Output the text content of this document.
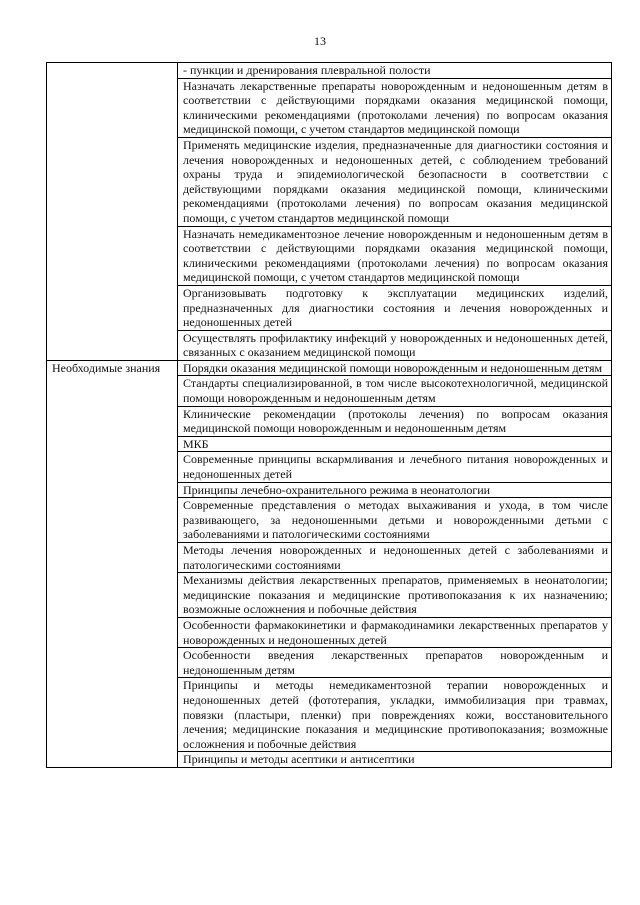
13
	- пункции и дренирования плевральной полости
	Назначать лекарственные препараты новорожденным и недоношенным детям в соответствии с действующими порядками оказания медицинской помощи, клиническими рекомендациями (протоколами лечения) по вопросам оказания медицинской помощи, с учетом стандартов медицинской помощи
	Применять медицинские изделия, предназначенные для диагностики состояния и лечения новорожденных и недоношенных детей, с соблюдением требований охраны труда и эпидемиологической безопасности в соответствии с действующими порядками оказания медицинской помощи, клиническими рекомендациями (протоколами лечения) по вопросам оказания медицинской помощи, с учетом стандартов медицинской помощи
	Назначать немедикаментозное лечение новорожденным и недоношенным детям в соответствии с действующими порядками оказания медицинской помощи, клиническими рекомендациями (протоколами лечения) по вопросам оказания медицинской помощи, с учетом стандартов медицинской помощи
	Организовывать подготовку к эксплуатации медицинских изделий, предназначенных для диагностики состояния и лечения новорожденных и недоношенных детей
	Осуществлять профилактику инфекций у новорожденных и недоношенных детей, связанных с оказанием медицинской помощи
Необходимые знания	Порядки оказания медицинской помощи новорожденным и недоношенным детям
	Стандарты специализированной, в том числе высокотехнологичной, медицинской помощи новорожденным и недоношенным детям
	Клинические рекомендации (протоколы лечения) по вопросам оказания медицинской помощи новорожденным и недоношенным детям
	МКБ
	Современные принципы вскармливания и лечебного питания новорожденных и недоношенных детей
	Принципы лечебно-охранительного режима в неонатологии
	Современные представления о методах выхаживания и ухода, в том числе развивающего, за недоношенными детьми и новорожденными детьми с заболеваниями и патологическими состояниями
	Методы лечения новорожденных и недоношенных детей с заболеваниями и патологическими состояниями
	Механизмы действия лекарственных препаратов, применяемых в неонатологии; медицинские показания и медицинские противопоказания к их назначению; возможные осложнения и побочные действия
	Особенности фармакокинетики и фармакодинамики лекарственных препаратов у новорожденных и недоношенных детей
	Особенности введения лекарственных препаратов новорожденным и недоношенным детям
	Принципы и методы немедикаментозной терапии новорожденных и недоношенных детей (фототерапия, укладки, иммобилизация при травмах, повязки (пластыри, пленки) при повреждениях кожи, восстановительного лечения; медицинские показания и медицинские противопоказания; возможные осложнения и побочные действия
	Принципы и методы асептики и антисептики
